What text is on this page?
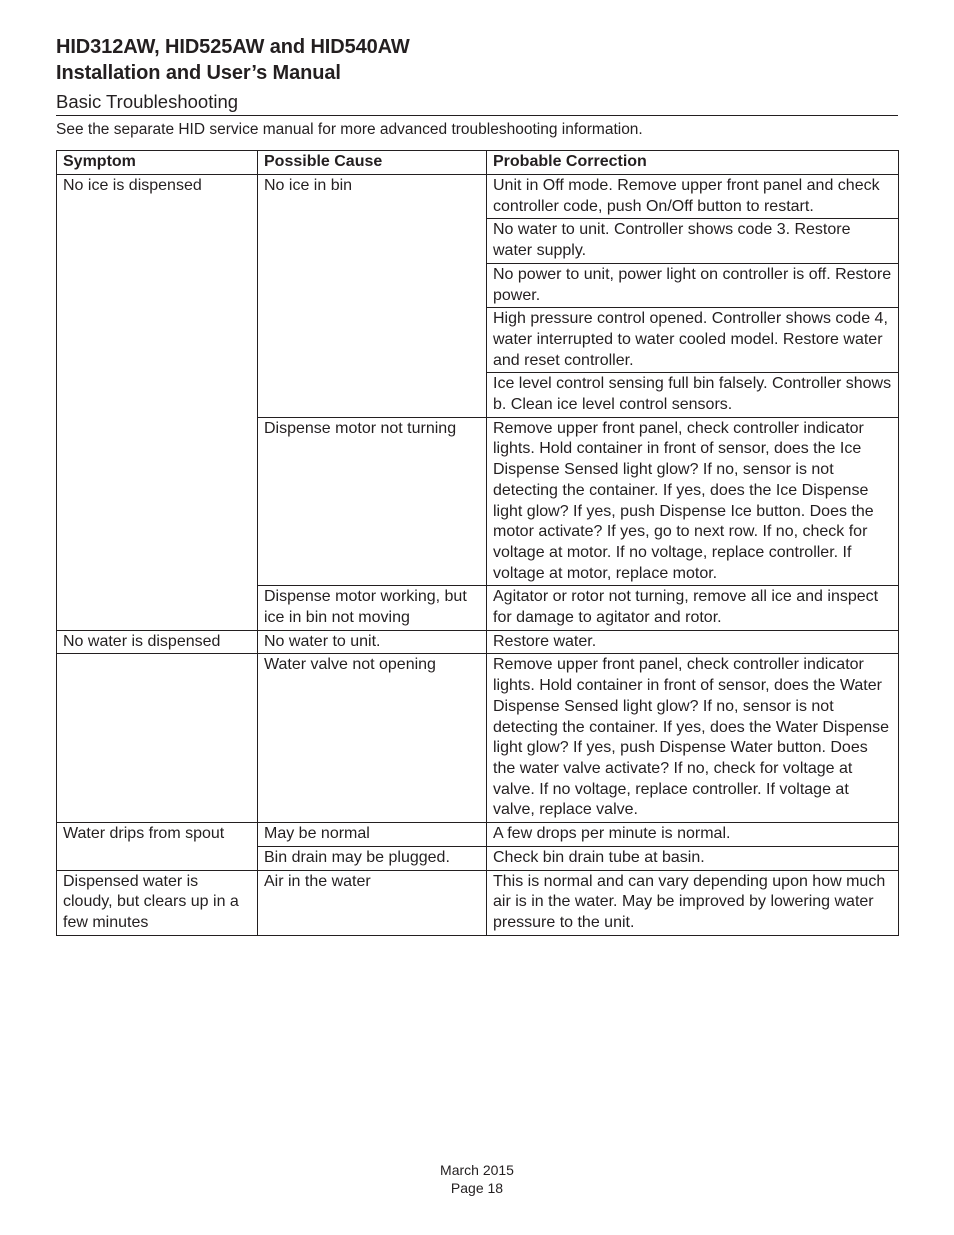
HID312AW, HID525AW and HID540AW
Installation and User’s Manual
Basic Troubleshooting
See the separate HID service manual for more advanced troubleshooting information.
Symptom	Possible Cause	Probable Correction
No ice is dispensed	No ice in bin	Unit in Off mode. Remove upper front panel and check controller code, push On/Off button to restart.
		No water to unit. Controller shows code 3. Restore water supply.
		No power to unit, power light on controller is off. Restore power.
		High pressure control opened. Controller shows code 4, water interrupted to water cooled model. Restore water and reset controller.
		Ice level control sensing full bin falsely. Controller shows b. Clean ice level control sensors.
	Dispense motor not turning	Remove upper front panel, check controller indicator lights. Hold container in front of sensor, does the Ice Dispense Sensed light glow? If no, sensor is not detecting the container. If yes, does the Ice Dispense light glow? If yes, push Dispense Ice button. Does the motor activate? If yes, go to next row. If no, check for voltage at motor. If no voltage, replace controller. If voltage at motor, replace motor.
	Dispense motor working, but ice in bin not moving	Agitator or rotor not turning, remove all ice and inspect for damage to agitator and rotor.
No water is dispensed	No water to unit.	Restore water.
	Water valve not opening	Remove upper front panel, check controller indicator lights. Hold container in front of sensor, does the Water Dispense Sensed light glow? If no, sensor is not detecting the container. If yes, does the Water Dispense light glow? If yes, push Dispense Water button. Does the water valve activate? If no, check for voltage at valve. If no voltage, replace controller. If voltage at valve, replace valve.
Water drips from spout	May be normal	A few drops per minute is normal.
	Bin drain may be plugged.	Check bin drain tube at basin.
Dispensed water is cloudy, but clears up in a few minutes	Air in the water	This is normal and can vary depending upon how much air is in the water. May be improved by lowering water pressure to the unit.
March 2015
Page 18
